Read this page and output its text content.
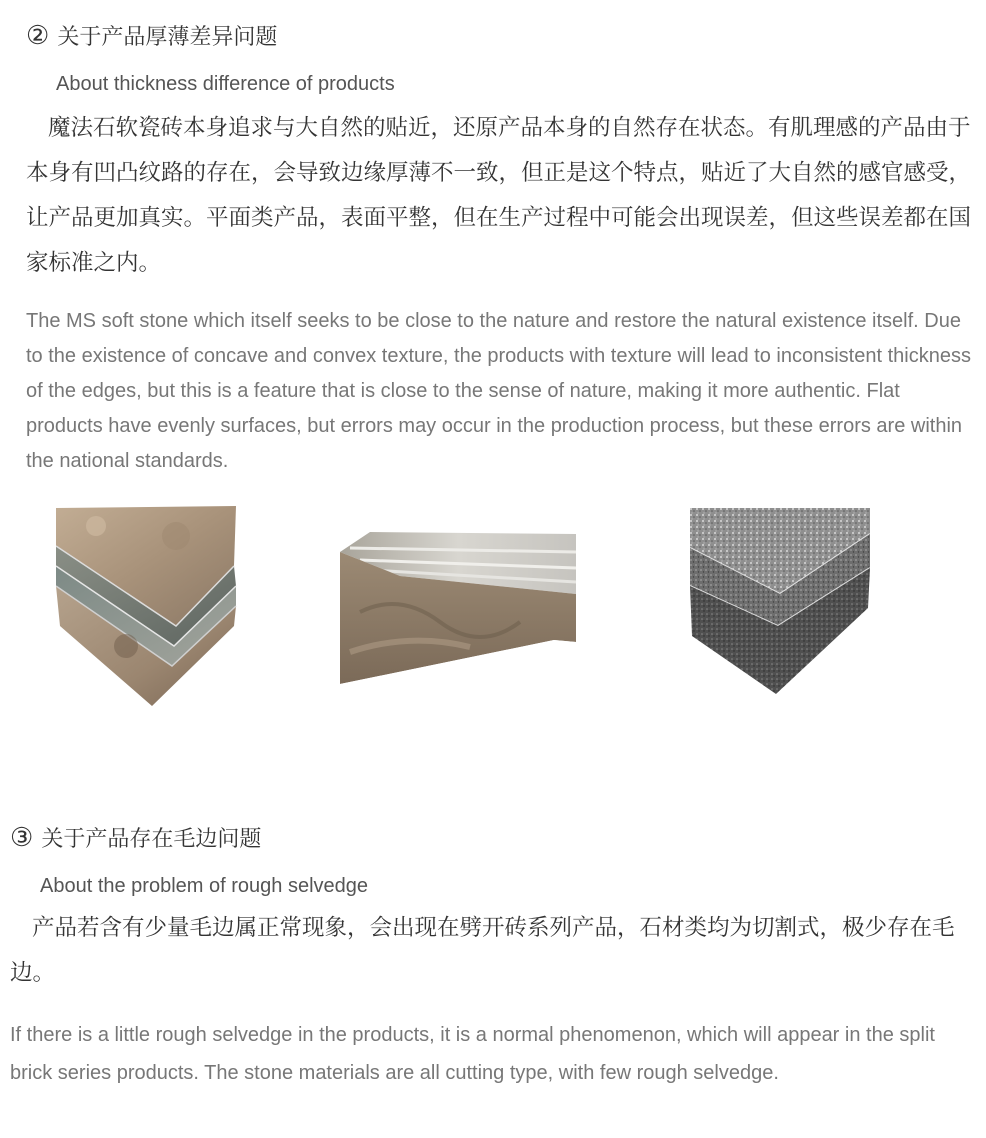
② 关于产品厚薄差异问题
About thickness difference of products
魔法石软瓷砖本身追求与大自然的贴近，还原产品本身的自然存在状态。有肌理感的产品由于本身有凹凸纹路的存在，会导致边缘厚薄不一致，但正是这个特点，贴近了大自然的感官感受，让产品更加真实。平面类产品，表面平整，但在生产过程中可能会出现误差，但这些误差都在国家标准之内。
The MS soft stone which itself seeks to be close to the nature and restore the natural existence itself. Due to the existence of concave and convex texture, the products with texture will lead to inconsistent thickness of the edges, but this is a feature that is close to the sense of nature, making it more authentic. Flat products have evenly surfaces, but errors may occur in the production process, but these errors are within the national standards.
③ 关于产品存在毛边问题
About the problem of rough selvedge
产品若含有少量毛边属正常现象，会出现在劈开砖系列产品，石材类均为切割式，极少存在毛边。
If there is a little rough selvedge in the products, it is a normal phenomenon, which will appear in the split brick series products. The stone materials are all cutting type, with few rough selvedge.
